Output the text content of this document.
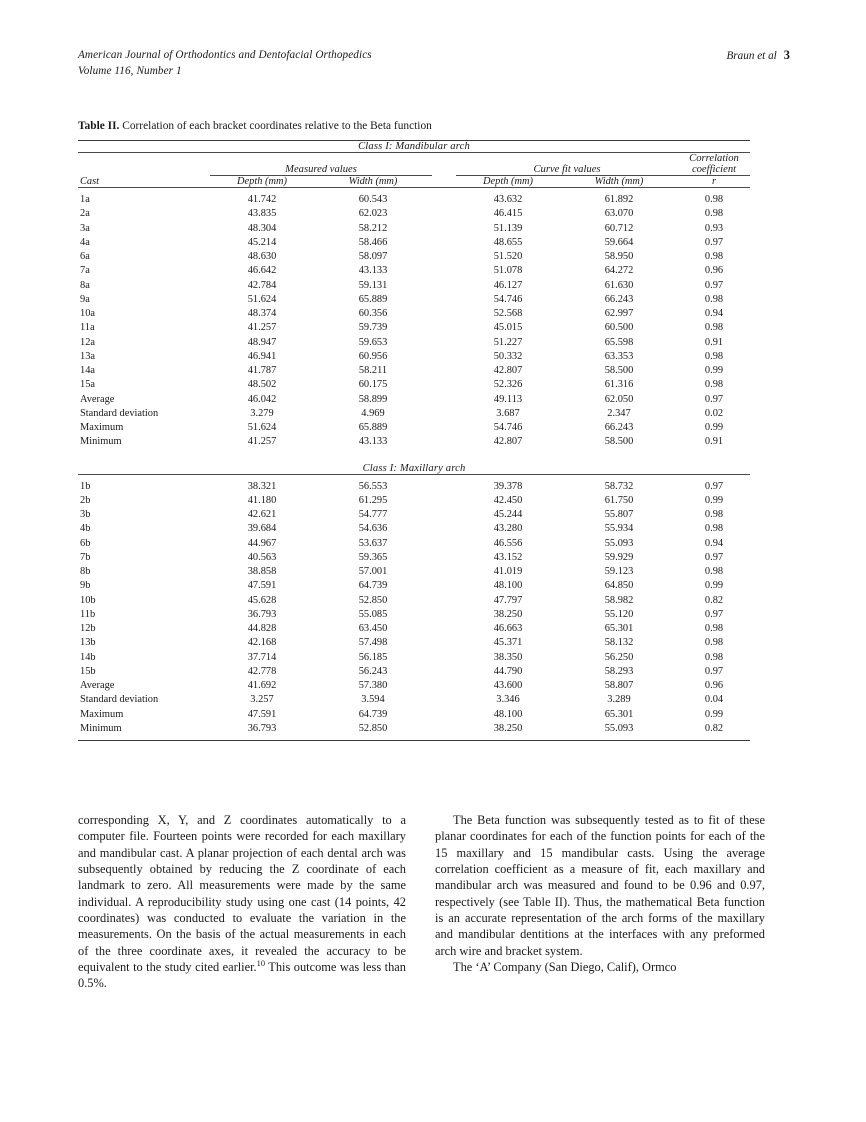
American Journal of Orthodontics and Dentofacial Orthopedics
Volume 116, Number 1
Braun et al 3
Table II. Correlation of each bracket coordinates relative to the Beta function

Class I: Mandibular arch						

	Measured values			Curve fit values		Correlation coefficient
Cast	Depth (mm)	Width (mm)		Depth (mm)	Width (mm)	r

1a	41.742	60.543		43.632	61.892	0.98
2a	43.835	62.023		46.415	63.070	0.98
3a	48.304	58.212		51.139	60.712	0.93
4a	45.214	58.466		48.655	59.664	0.97
6a	48.630	58.097		51.520	58.950	0.98
7a	46.642	43.133		51.078	64.272	0.96
8a	42.784	59.131		46.127	61.630	0.97
9a	51.624	65.889		54.746	66.243	0.98
10a	48.374	60.356		52.568	62.997	0.94
11a	41.257	59.739		45.015	60.500	0.98
12a	48.947	59.653		51.227	65.598	0.91
13a	46.941	60.956		50.332	63.353	0.98
14a	41.787	58.211		42.807	58.500	0.99
15a	48.502	60.175		52.326	61.316	0.98
Average	46.042	58.899		49.113	62.050	0.97
Standard deviation	3.279	4.969		3.687	2.347	0.02
Maximum	51.624	65.889		54.746	66.243	0.99
Minimum	41.257	43.133		42.807	58.500	0.91

Class I: Maxillary arch						

1b	38.321	56.553		39.378	58.732	0.97
2b	41.180	61.295		42.450	61.750	0.99
3b	42.621	54.777		45.244	55.807	0.98
4b	39.684	54.636		43.280	55.934	0.98
6b	44.967	53.637		46.556	55.093	0.94
7b	40.563	59.365		43.152	59.929	0.97
8b	38.858	57.001		41.019	59.123	0.98
9b	47.591	64.739		48.100	64.850	0.99
10b	45.628	52.850		47.797	58.982	0.82
11b	36.793	55.085		38.250	55.120	0.97
12b	44.828	63.450		46.663	65.301	0.98
13b	42.168	57.498		45.371	58.132	0.98
14b	37.714	56.185		38.350	56.250	0.98
15b	42.778	56.243		44.790	58.293	0.97
Average	41.692	57.380		43.600	58.807	0.96
Standard deviation	3.257	3.594		3.346	3.289	0.04
Maximum	47.591	64.739		48.100	65.301	0.99
Minimum	36.793	52.850		38.250	55.093	0.82

corresponding X, Y, and Z coordinates automatically to a computer file. Fourteen points were recorded for each maxillary and mandibular cast. A planar projection of each dental arch was subsequently obtained by reducing the Z coordinate of each landmark to zero. All measurements were made by the same individual. A reproducibility study using one cast (14 points, 42 coordinates) was conducted to evaluate the variation in the measurements. On the basis of the actual measurements in each of the three coordinate axes, it revealed the accuracy to be equivalent to the study cited earlier.$^{10}$ This outcome was less than 0.5%.

The Beta function was subsequently tested as to fit of these planar coordinates for each of the function points for each of the 15 maxillary and 15 mandibular casts. Using the average correlation coefficient as a measure of fit, each maxillary and mandibular arch was measured and found to be 0.96 and 0.97, respectively (see Table II). Thus, the mathematical Beta function is an accurate representation of the arch forms of the maxillary and mandibular dentitions at the interfaces with any preformed arch wire and bracket system.

The ‘A’ Company (San Diego, Calif), Ormco
